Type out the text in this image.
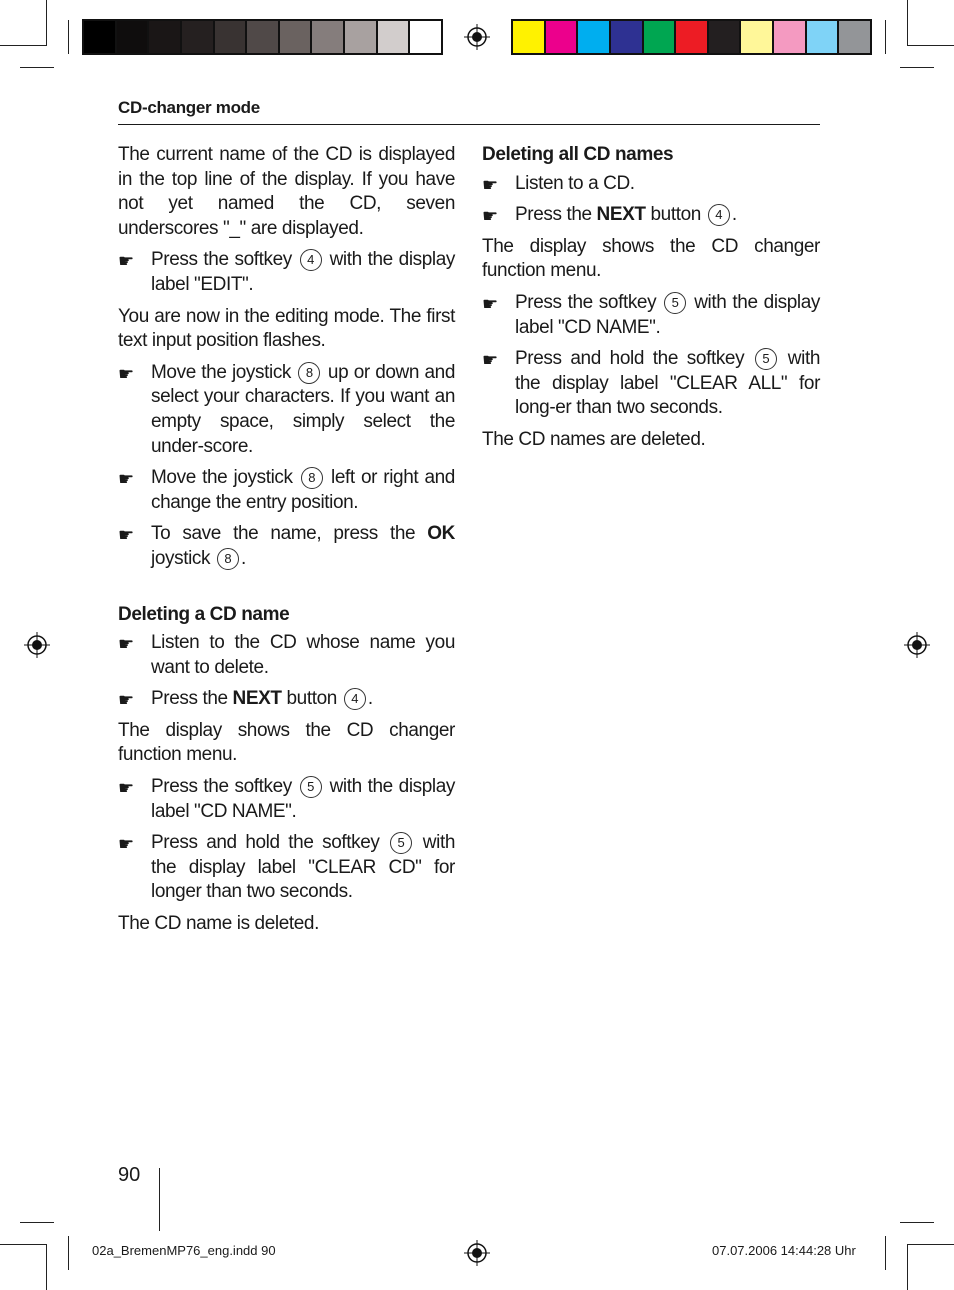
CD-changer mode

The current name of the CD is displayed in the top line of the display. If you have not yet named the CD, seven underscores "_" are displayed.

☛ Press the softkey 4 with the display label "EDIT".

You are now in the editing mode. The first text input position flashes.

☛ Move the joystick 8 up or down and select your characters. If you want an empty space, simply select the under-score.
☛ Move the joystick 8 left or right and change the entry position.
☛ To save the name, press the OK joystick 8 .
Deleting a CD name
☛ Listen to the CD whose name you want to delete.
☛ Press the NEXT button 4 .

The display shows the CD changer function menu.

☛ Press the softkey 5 with the display label "CD NAME".
☛ Press and hold the softkey 5 with the display label "CLEAR CD" for longer than two seconds.

The CD name is deleted.

Deleting all CD names
☛ Listen to a CD.
☛ Press the NEXT button 4 .

The display shows the CD changer function menu.

☛ Press the softkey 5 with the display label "CD NAME".
☛ Press and hold the softkey 5 with the display label "CLEAR ALL" for long-er than two seconds.

The CD names are deleted.

90
02a_BremenMP76_eng.indd 90	07.07.2006 14:44:28 Uhr
